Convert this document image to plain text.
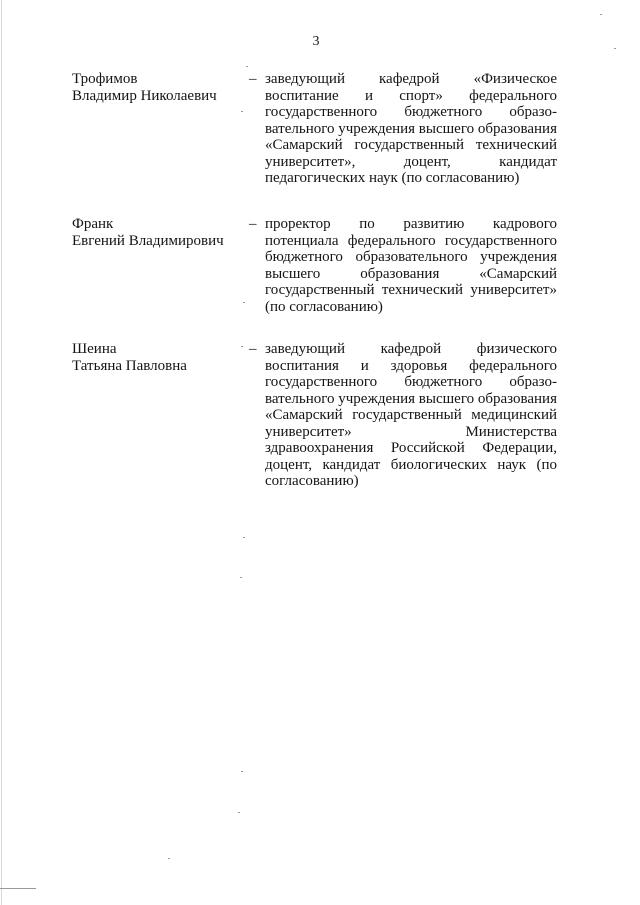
3
Трофимов
Владимир Николаевич
– заведующий кафедрой «Физическое воспитание и спорт» федерального государственного бюджетного образо-вательного учреждения высшего образования «Самарский государственный технический университет», доцент, кандидат педагогических наук (по согласованию)
Франк
Евгений Владимирович
– проректор по развитию кадрового потенциала федерального государственного бюджетного образовательного учреждения высшего образования «Самарский государственный технический университет» (по согласованию)
Шеина
Татьяна Павловна
– заведующий кафедрой физического воспитания и здоровья федерального государственного бюджетного образо-вательного учреждения высшего образования «Самарский государственный медицинский университет» Министерства здравоохранения Российской Федерации, доцент, кандидат биологических наук (по согласованию)
